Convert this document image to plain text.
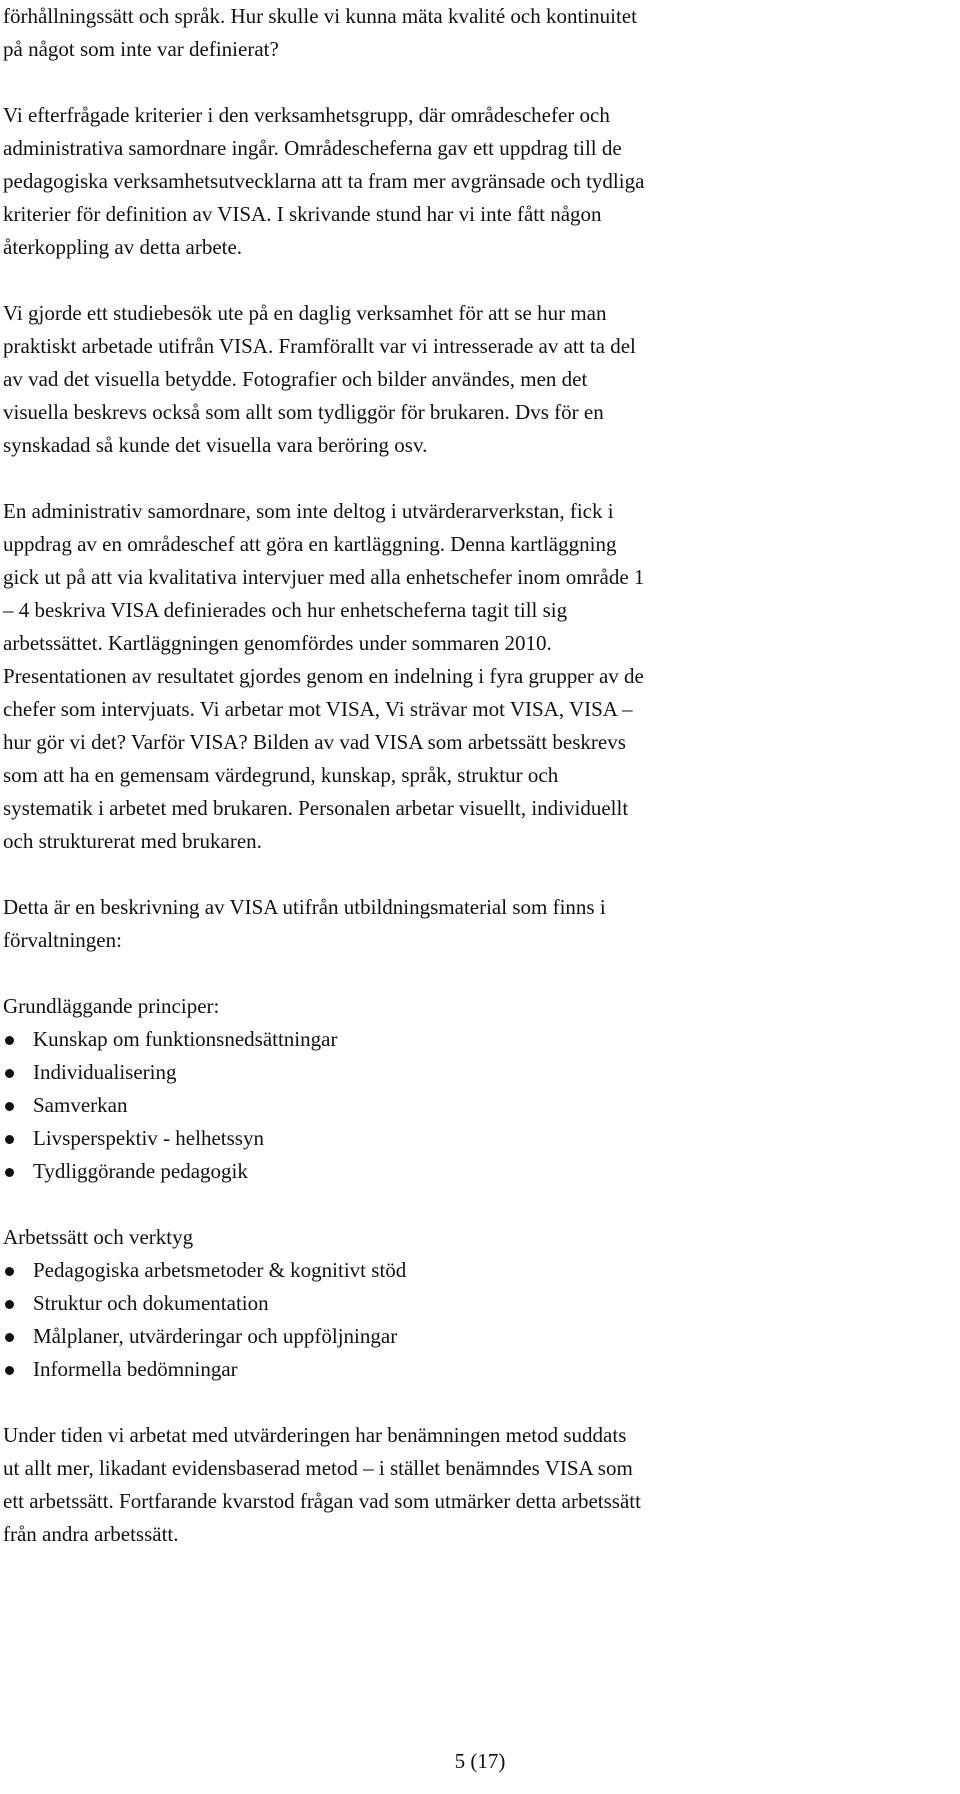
förhållningssätt och språk. Hur skulle vi kunna mäta kvalité och kontinuitet
på något som inte var definierat?
Vi efterfrågade kriterier i den verksamhetsgrupp, där områdeschefer och
administrativa samordnare ingår. Områdescheferna gav ett uppdrag till de
pedagogiska verksamhetsutvecklarna att ta fram mer avgränsade och tydliga
kriterier för definition av VISA. I skrivande stund har vi inte fått någon
återkoppling av detta arbete.
Vi gjorde ett studiebesök ute på en daglig verksamhet för att se hur man
praktiskt arbetade utifrån VISA. Framförallt var vi intresserade av att ta del
av vad det visuella betydde. Fotografier och bilder användes, men det
visuella beskrevs också som allt som tydliggör för brukaren. Dvs för en
synskadad så kunde det visuella vara beröring osv.
En administrativ samordnare, som inte deltog i utvärderarverkstan, fick i
uppdrag av en områdeschef att göra en kartläggning. Denna kartläggning
gick ut på att via kvalitativa intervjuer med alla enhetschefer inom område 1
– 4 beskriva VISA definierades och hur enhetscheferna tagit till sig
arbetssättet. Kartläggningen genomfördes under sommaren 2010.
Presentationen av resultatet gjordes genom en indelning i fyra grupper av de
chefer som intervjuats. Vi arbetar mot VISA, Vi strävar mot VISA, VISA –
hur gör vi det? Varför VISA? Bilden av vad VISA som arbetssätt beskrevs
som att ha en gemensam värdegrund, kunskap, språk, struktur och
systematik i arbetet med brukaren. Personalen arbetar visuellt, individuellt
och strukturerat med brukaren.
Detta är en beskrivning av VISA utifrån utbildningsmaterial som finns i
förvaltningen:
Grundläggande principer:
Kunskap om funktionsnedsättningar
Individualisering
Samverkan
Livsperspektiv - helhetssyn
Tydliggörande pedagogik
Arbetssätt och verktyg
Pedagogiska arbetsmetoder & kognitivt stöd
Struktur och dokumentation
Målplaner, utvärderingar och uppföljningar
Informella bedömningar
Under tiden vi arbetat med utvärderingen har benämningen metod suddats
ut allt mer, likadant evidensbaserad metod – i stället benämndes VISA som
ett arbetssätt. Fortfarande kvarstod frågan vad som utmärker detta arbetssätt
från andra arbetssätt.
5 (17)
